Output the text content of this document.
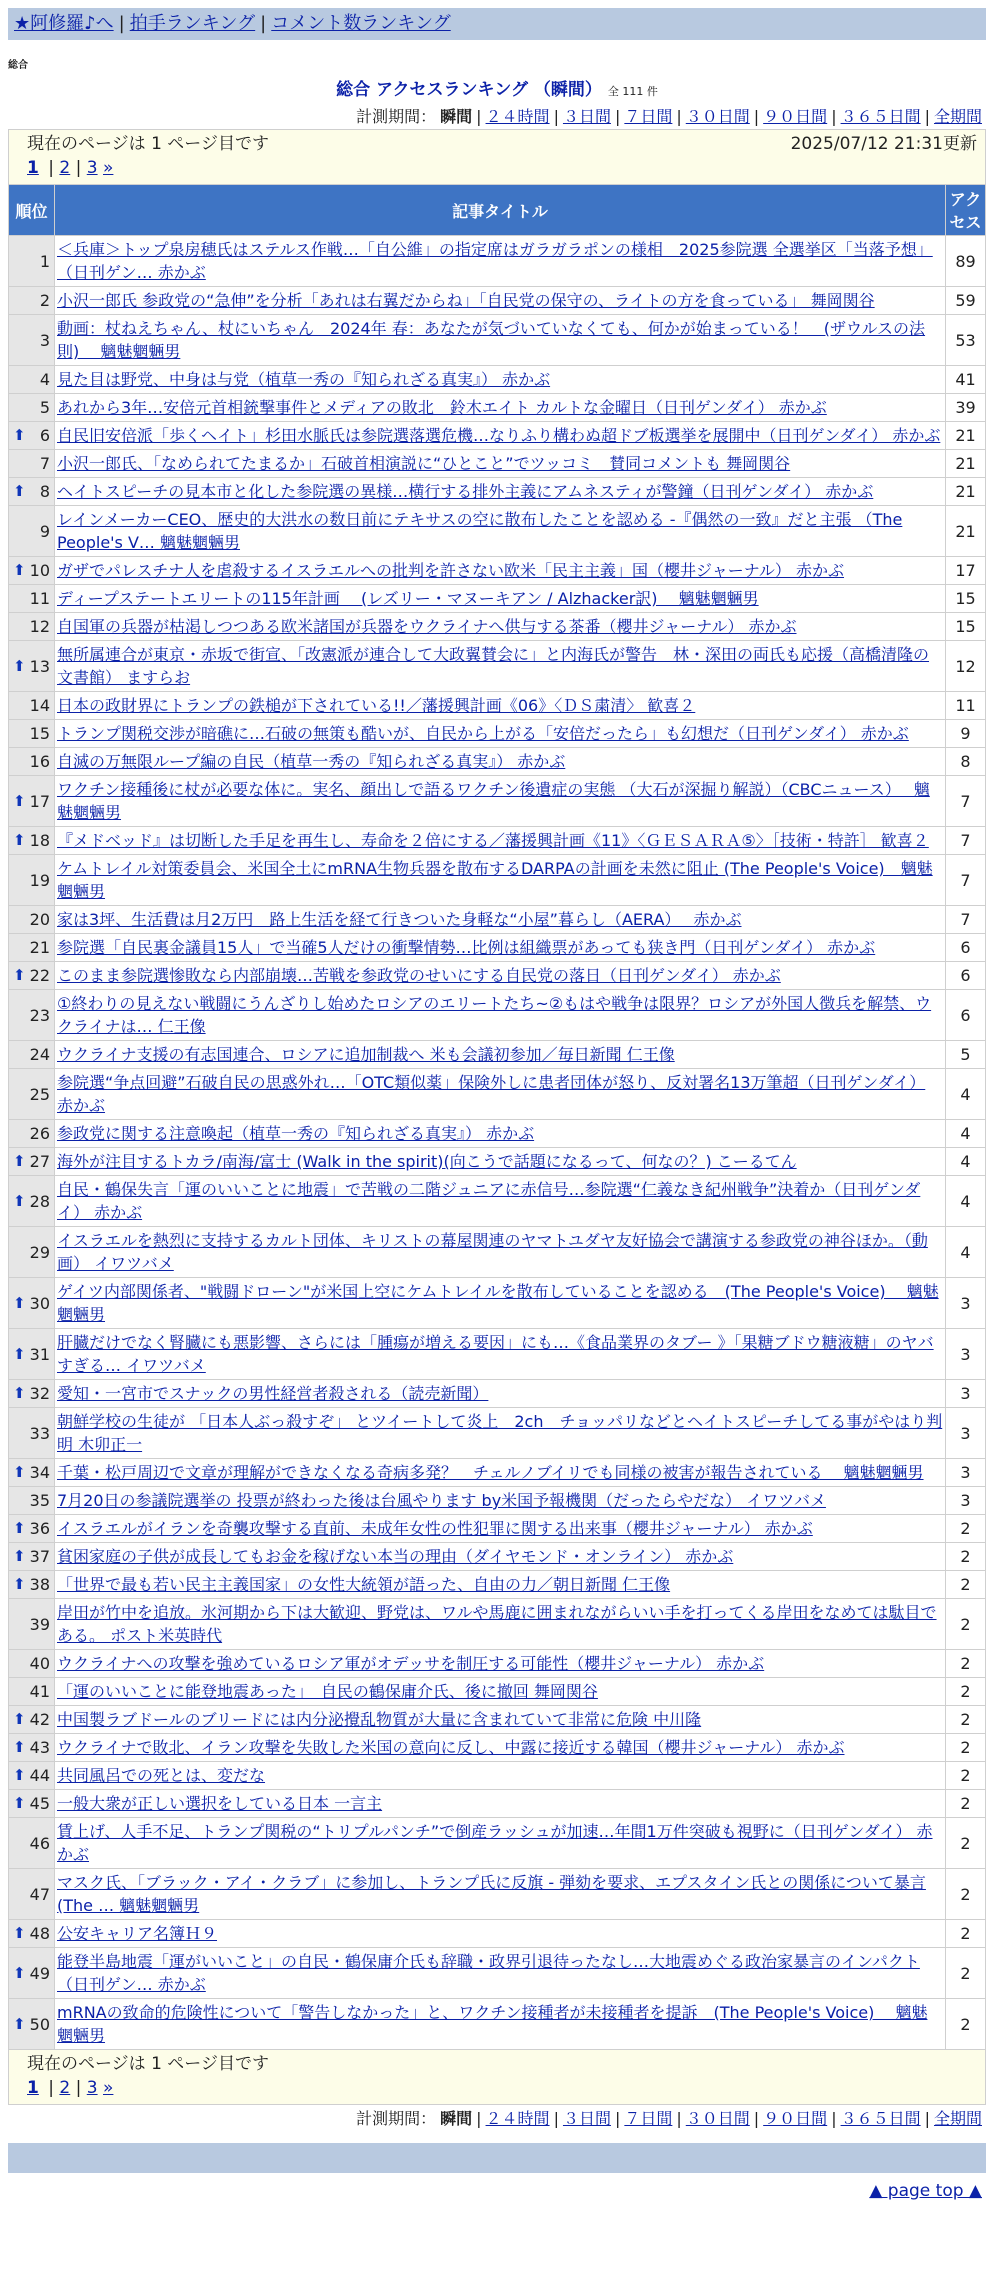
★阿修羅♪へ | 拍手ランキング | コメント数ランキング
総合
総合 アクセスランキング （瞬間） 全 111 件
計測期間： 瞬間 | ２４時間 | ３日間 | ７日間 | ３０日間 | ９０日間 | ３６５日間 | 全期間
現在のページは 1 ページ目です	2025/07/12 21:31更新
1 | 2 | 3 »
順位	記事タイトル	アクセス
1	＜兵庫＞トップ泉房穂氏はステルス作戦…「自公維」の指定席はガラガラポンの様相　2025参院選 全選挙区「当落予想」（日刊ゲン… 赤かぶ	89
2	小沢一郎氏 参政党の“急伸”を分析「あれは右翼だからね」「自民党の保守の、ライトの方を食っている」 舞岡関谷	59
3	動画：杖ねえちゃん、杖にいちゃん　2024年 春：あなたが気づいていなくても、何かが始まっている！　(ザウルスの法則)　 魑魅魍魎男	53
4	見た目は野党、中身は与党（植草一秀の『知られざる真実』） 赤かぶ	41
5	あれから3年…安倍元首相銃撃事件とメディアの敗北　鈴木エイト カルトな金曜日（日刊ゲンダイ） 赤かぶ	39

⬆ 6	自民旧安倍派「歩くヘイト」杉田水脈氏は参院選落選危機…なりふり構わぬ超ドブ板選挙を展開中（日刊ゲンダイ） 赤かぶ	21
7	小沢一郎氏、「なめられてたまるか」石破首相演説に“ひとこと”でツッコミ　賛同コメントも 舞岡関谷	21

⬆ 8	ヘイトスピーチの見本市と化した参院選の異様…横行する排外主義にアムネスティが警鐘（日刊ゲンダイ） 赤かぶ	21
9	レインメーカーCEO、歴史的大洪水の数日前にテキサスの空に散布したことを認める -『偶然の一致』だと主張 （The People's V… 魑魅魍魎男	21

⬆ 10	ガザでパレスチナ人を虐殺するイスラエルへの批判を許さない欧米「民主主義」国（櫻井ジャーナル） 赤かぶ	17
11	ディープステートエリートの115年計画　 (レズリー・マヌーキアン / Alzhacker訳)　 魑魅魍魎男	15
12	自国軍の兵器が枯渇しつつある欧米諸国が兵器をウクライナへ供与する茶番（櫻井ジャーナル） 赤かぶ	15

⬆ 13	無所属連合が東京・赤坂で街宣、「改憲派が連合して大政翼賛会に」と内海氏が警告　林・深田の両氏も応援（高橋清隆の文書館） ますらお	12
14	日本の政財界にトランプの鉄槌が下されている!!／藩援興計画《06》〈ＤＳ粛清〉 歓喜２	11
15	トランプ関税交渉が暗礁に…石破の無策も酷いが、自民から上がる「安倍だったら」も幻想だ（日刊ゲンダイ） 赤かぶ	9
16	自滅の万無限ループ編の自民（植草一秀の『知られざる真実』） 赤かぶ	8

⬆ 17	ワクチン接種後に杖が必要な体に。実名、顔出しで語るワクチン後遺症の実態 （大石が深掘り解説）（CBCニュース）　 魑魅魍魎男	7

⬆ 18	『メドベッド』は切断した手足を再生し、寿命を２倍にする／藩援興計画《11》〈ＧＥＳＡＲＡ⑤〉［技術・特許］ 歓喜２	7
19	ケムトレイル対策委員会、米国全土にmRNA生物兵器を散布するDARPAの計画を未然に阻止 (The People's Voice)　魑魅魍魎男	7
20	家は3坪、生活費は月2万円　路上生活を経て行きついた身軽な“小屋”暮らし（AERA）　 赤かぶ	7
21	参院選「自民裏金議員15人」で当確5人だけの衝撃情勢…比例は組織票があっても狭き門（日刊ゲンダイ） 赤かぶ	6

⬆ 22	このまま参院選惨敗なら内部崩壊…苦戦を参政党のせいにする自民党の落日（日刊ゲンダイ） 赤かぶ	6
23	①終わりの見えない戦闘にうんざりし始めたロシアのエリートたち~②もはや戦争は限界？ロシアが外国人徴兵を解禁、ウクライナは… 仁王像	6
24	ウクライナ支援の有志国連合、ロシアに追加制裁へ 米も会議初参加／毎日新聞 仁王像	5
25	参院選“争点回避”石破自民の思惑外れ…「OTC類似薬」保険外しに患者団体が怒り、反対署名13万筆超（日刊ゲンダイ） 赤かぶ	4
26	参政党に関する注意喚起（植草一秀の『知られざる真実』） 赤かぶ	4

⬆ 27	海外が注目するトカラ/南海/富士 (Walk in the spirit)(向こうで話題になるって、何なの？) こーるてん	4

⬆ 28	自民・鶴保失言「運のいいことに地震」で苦戦の二階ジュニアに赤信号…参院選“仁義なき紀州戦争”決着か（日刊ゲンダイ） 赤かぶ	4
29	イスラエルを熱烈に支持するカルト団体、キリストの幕屋関連のヤマトユダヤ友好協会で講演する参政党の神谷ほか。（動画） イワツバメ	4

⬆ 30	ゲイツ内部関係者、"戦闘ドローン"が米国上空にケムトレイルを散布していることを認める　(The People's Voice)　 魑魅魍魎男	3

⬆ 31	肝臓だけでなく腎臓にも悪影響、さらには「腫瘍が増える要因」にも…《食品業界のタブー 》「果糖ブドウ糖液糖」のヤバすぎる… イワツバメ	3

⬆ 32	愛知・一宮市でスナックの男性経営者殺される（読売新聞）	3
33	朝鮮学校の生徒が 「日本人ぶっ殺すぞ」 とツイートして炎上　2ch　チョッパリなどとヘイトスピーチしてる事がやはり判明 木卯正一	3

⬆ 34	千葉・松戸周辺で文章が理解ができなくなる奇病多発？　チェルノブイリでも同様の被害が報告されている　 魑魅魍魎男	3
35	7月20日の参議院選挙の 投票が終わった後は台風やります by米国予報機関（だったらやだな） イワツバメ	3

⬆ 36	イスラエルがイランを奇襲攻撃する直前、未成年女性の性犯罪に関する出来事（櫻井ジャーナル） 赤かぶ	2

⬆ 37	貧困家庭の子供が成長してもお金を稼げない本当の理由（ダイヤモンド・オンライン） 赤かぶ	2

⬆ 38	「世界で最も若い民主主義国家」の女性大統領が語った、自由の力／朝日新聞 仁王像	2
39	岸田が竹中を追放。氷河期から下は大歓迎、野党は、ワルや馬鹿に囲まれながらいい手を打ってくる岸田をなめては駄目である。 ポスト米英時代	2
40	ウクライナへの攻撃を強めているロシア軍がオデッサを制圧する可能性（櫻井ジャーナル） 赤かぶ	2
41	「運のいいことに能登地震あった」　自民の鶴保庸介氏、後に撤回 舞岡関谷	2

⬆ 42	中国製ラブドールのブリードには内分泌攪乱物質が大量に含まれていて非常に危険 中川隆	2

⬆ 43	ウクライナで敗北、イラン攻撃を失敗した米国の意向に反し、中露に接近する韓国（櫻井ジャーナル） 赤かぶ	2

⬆ 44	共同風呂での死とは、変だな	2

⬆ 45	一般大衆が正しい選択をしている日本 一言主	2
46	賃上げ、人手不足、トランプ関税の“トリプルパンチ”で倒産ラッシュが加速…年間1万件突破も視野に（日刊ゲンダイ） 赤かぶ	2
47	マスク氏、「ブラック・アイ・クラブ」に参加し、トランプ氏に反旗 - 弾劾を要求、エプスタイン氏との関係について暴言 (The … 魑魅魍魎男	2

⬆ 48	公安キャリア名簿Ｈ９	2

⬆ 49	能登半島地震「運がいいこと」の自民・鶴保庸介氏も辞職・政界引退待ったなし…大地震めぐる政治家暴言のインパクト（日刊ゲン… 赤かぶ	2

⬆ 50	mRNAの致命的危険性について「警告しなかった」と、ワクチン接種者が未接種者を提訴　(The People's Voice)　 魑魅魍魎男	2
現在のページは 1 ページ目です
1 | 2 | 3 »
計測期間： 瞬間 | ２４時間 | ３日間 | ７日間 | ３０日間 | ９０日間 | ３６５日間 | 全期間
▲ page top ▲
